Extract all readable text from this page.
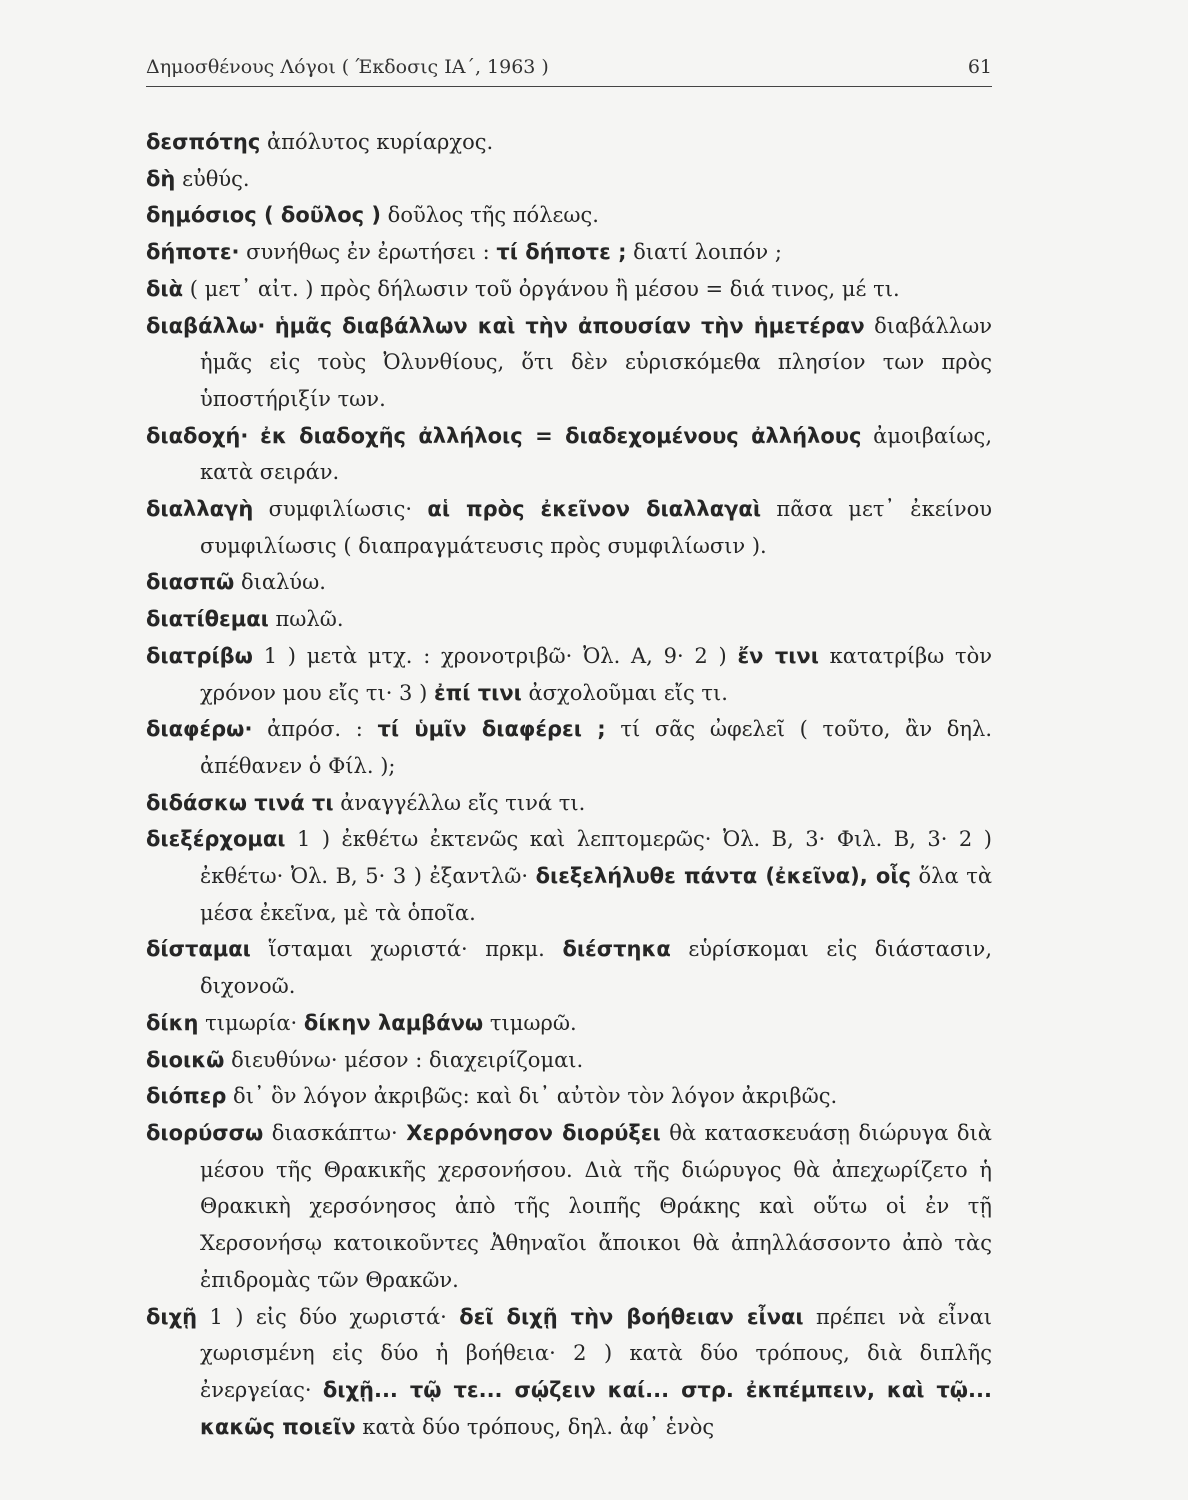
Δημοσθένους Λόγοι ( Έκδοσις ΙΑ΄, 1963 )	61
δεσπότης ἀπόλυτος κυρίαρχος.
δὴ εὐθύς.
δημόσιος ( δοῦλος ) δοῦλος τῆς πόλεως.
δήποτε· συνήθως ἐν ἐρωτήσει : τί δήποτε ; διατί λοιπόν ;
διὰ ( μετ᾽ αἰτ. ) πρὸς δήλωσιν τοῦ ὀργάνου ἢ μέσου = διά τινος, μέ τι.
διαβάλλω· ἡμᾶς διαβάλλων καὶ τὴν ἀπουσίαν τὴν ἡμετέραν διαβάλλων ἡμᾶς εἰς τοὺς Ὀλυνθίους, ὅτι δὲν εὑρισκόμεθα πλησίον των πρὸς ὑποστήριξίν των.
διαδοχή· ἐκ διαδοχῆς ἀλλήλοις = διαδεχομένους ἀλλήλους ἀμοιβαίως, κατὰ σειράν.
διαλλαγὴ συμφιλίωσις· αἱ πρὸς ἐκεῖνον διαλλαγαὶ πᾶσα μετ᾽ ἐκείνου συμφιλίωσις ( διαπραγμάτευσις πρὸς συμφιλίωσιν ).
διασπῶ διαλύω.
διατίθεμαι πωλῶ.
διατρίβω 1 ) μετὰ μτχ. : χρονοτριβῶ· Ὀλ. Α, 9· 2 ) ἔν τινι κατατρίβω τὸν χρόνον μου εἴς τι· 3 ) ἐπί τινι ἀσχολοῦμαι εἴς τι.
διαφέρω· ἀπρόσ. : τί ὑμῖν διαφέρει ; τί σᾶς ὠφελεῖ ( τοῦτο, ἂν δηλ. ἀπέθανεν ὁ Φίλ. );
διδάσκω τινά τι ἀναγγέλλω εἴς τινά τι.
διεξέρχομαι 1 ) ἐκθέτω ἐκτενῶς καὶ λεπτομερῶς· Ὀλ. Β, 3· Φιλ. Β, 3· 2 ) ἐκθέτω· Ὀλ. Β, 5· 3 ) ἐξαντλῶ· διεξελήλυθε πάντα (ἐκεῖνα), οἷς ὅλα τὰ μέσα ἐκεῖνα, μὲ τὰ ὁποῖα.
δίσταμαι ἵσταμαι χωριστά· πρκμ. διέστηκα εὑρίσκομαι εἰς διάστασιν, διχονοῶ.
δίκη τιμωρία· δίκην λαμβάνω τιμωρῶ.
διοικῶ διευθύνω· μέσον : διαχειρίζομαι.
διόπερ δι᾽ ὃν λόγον ἀκριβῶς: καὶ δι᾽ αὐτὸν τὸν λόγον ἀκριβῶς.
διορύσσω διασκάπτω· Χερρόνησον διορύξει θὰ κατασκευάσῃ διώρυγα διὰ μέσου τῆς Θρακικῆς χερσονήσου. Διὰ τῆς διώρυγος θὰ ἀπεχωρίζετο ἡ Θρακικὴ χερσόνησος ἀπὸ τῆς λοιπῆς Θράκης καὶ οὕτω οἱ ἐν τῇ Χερσονήσῳ κατοικοῦντες Ἀθηναῖοι ἄποικοι θὰ ἀπηλλάσσοντο ἀπὸ τὰς ἐπιδρομὰς τῶν Θρακῶν.
διχῇ 1 ) εἰς δύο χωριστά· δεῖ διχῇ τὴν βοήθειαν εἶναι πρέπει νὰ εἶναι χωρισμένη εἰς δύο ἡ βοήθεια· 2 ) κατὰ δύο τρόπους, διὰ διπλῆς ἐνεργείας· διχῇ... τῷ τε... σῴζειν καί... στρ. ἐκπέμπειν, καὶ τῷ... κακῶς ποιεῖν κατὰ δύο τρόπους, δηλ. ἀφ᾽ ἑνὸς
